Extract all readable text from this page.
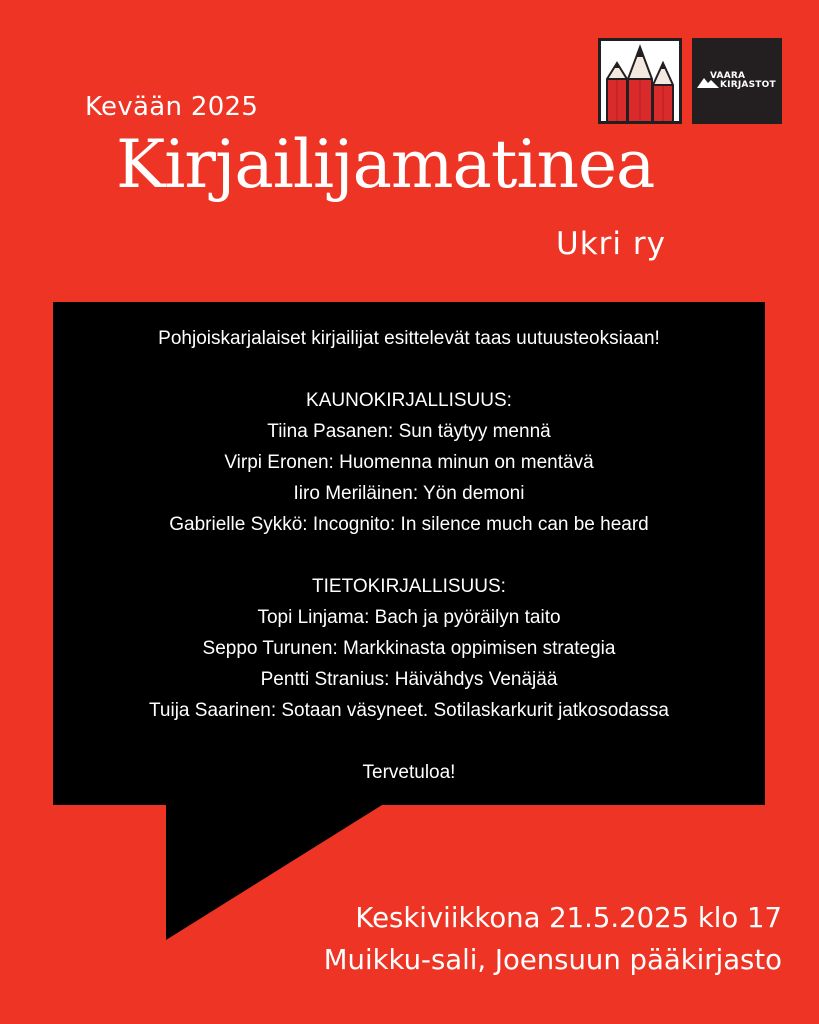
VAARA
KIRJASTOT
Kevään 2025
Kirjailijamatinea
Ukri ry
Pohjoiskarjalaiset kirjailijat esittelevät taas uutuusteoksiaan!
KAUNOKIRJALLISUUS:
Tiina Pasanen: Sun täytyy mennä
Virpi Eronen: Huomenna minun on mentävä
Iiro Meriläinen: Yön demoni
Gabrielle Sykkö: Incognito: In silence much can be heard
TIETOKIRJALLISUUS:
Topi Linjama: Bach ja pyöräilyn taito
Seppo Turunen: Markkinasta oppimisen strategia
Pentti Stranius: Häivähdys Venäjää
Tuija Saarinen: Sotaan väsyneet. Sotilaskarkurit jatkosodassa
Tervetuloa!
Keskiviikkona 21.5.2025 klo 17
Muikku-sali, Joensuun pääkirjasto
